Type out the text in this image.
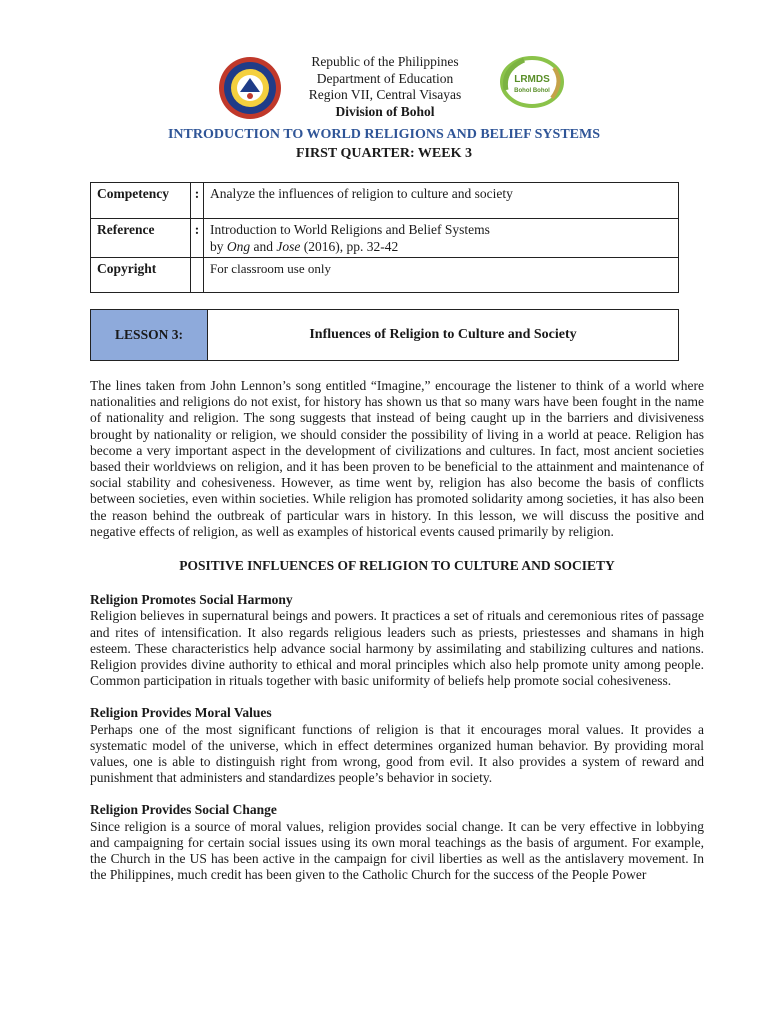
Republic of the Philippines
Department of Education
Region VII, Central Visayas
Division of Bohol
LRMDS
Bohol Bohol
INTRODUCTION TO WORLD RELIGIONS AND BELIEF SYSTEMS
FIRST QUARTER: WEEK 3
Competency	:	Analyze the influences of religion to culture and society
Reference	:	Introduction to World Religions and Belief Systems
by Ong and Jose (2016), pp. 32-42

Copyright		For classroom use only
LESSON 3:	Influences of Religion to Culture and Society

The lines taken from John Lennon’s song entitled “Imagine,” encourage the listener to think of a world where nationalities and religions do not exist, for history has shown us that so many wars have been fought in the name of nationality and religion. The song suggests that instead of being caught up in the barriers and divisiveness brought by nationality or religion, we should consider the possibility of living in a world at peace. Religion has become a very important aspect in the development of civilizations and cultures. In fact, most ancient societies based their worldviews on religion, and it has been proven to be beneficial to the attainment and maintenance of social stability and cohesiveness. However, as time went by, religion has also become the basis of conflicts between societies, even within societies. While religion has promoted solidarity among societies, it has also been the reason behind the outbreak of particular wars in history. In this lesson, we will discuss the positive and negative effects of religion, as well as examples of historical events caused primarily by religion.

POSITIVE INFLUENCES OF RELIGION TO CULTURE AND SOCIETY

Religion Promotes Social Harmony

Religion believes in supernatural beings and powers. It practices a set of rituals and ceremonious rites of passage and rites of intensification. It also regards religious leaders such as priests, priestesses and shamans in high esteem. These characteristics help advance social harmony by assimilating and stabilizing cultures and nations. Religion provides divine authority to ethical and moral principles which also help promote unity among people. Common participation in rituals together with basic uniformity of beliefs help promote social cohesiveness.

Religion Provides Moral Values

Perhaps one of the most significant functions of religion is that it encourages moral values. It provides a systematic model of the universe, which in effect determines organized human behavior. By providing moral values, one is able to distinguish right from wrong, good from evil. It also provides a system of reward and punishment that administers and standardizes people’s behavior in society.

Religion Provides Social Change

Since religion is a source of moral values, religion provides social change. It can be very effective in lobbying and campaigning for certain social issues using its own moral teachings as the basis of argument. For example, the Church in the US has been active in the campaign for civil liberties as well as the antislavery movement. In the Philippines, much credit has been given to the Catholic Church for the success of the People Power
